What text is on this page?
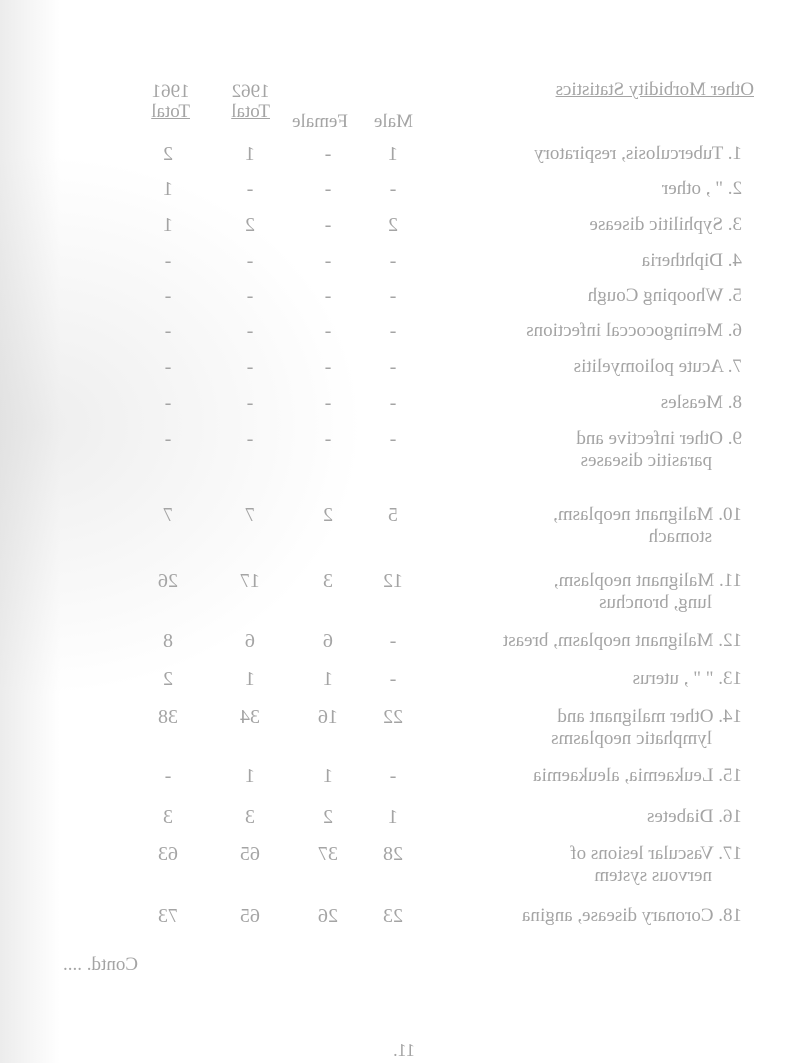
Other Morbidity Statistics
Male
Female
1962
Total
1961
Total
1. Tuberculosis, respiratory
2. " , other
3. Syphilitic disease
4. Diphtheria
5. Whooping Cough
6. Meningococcal infections
7. Acute poliomyelitis
8. Measles
9. Other infective and
parasitic diseases
10. Malignant neoplasm,
stomach
11. Malignant neoplasm,
lung, bronchus
12. Malignant neoplasm, breast
13. " " , uterus
14. Other malignant and
lymphatic neoplasms
15. Leukaemia, aleukaemia
16. Diabetes
17. Vascular lesions of
nervous system
18. Coronary disease, angina
1
-
1
2
-
-
-
1
2
-
2
1
-
-
-
-
-
-
-
-
-
-
-
-
-
-
-
-
-
-
-
-
-
-
-
-
5
2
7
7
12
3
17
26
-
6
6
8
-
1
1
2
22
16
34
38
-
1
1
-
1
2
3
3
28
37
65
63
23
26
65
73
Contd. ....
11.
